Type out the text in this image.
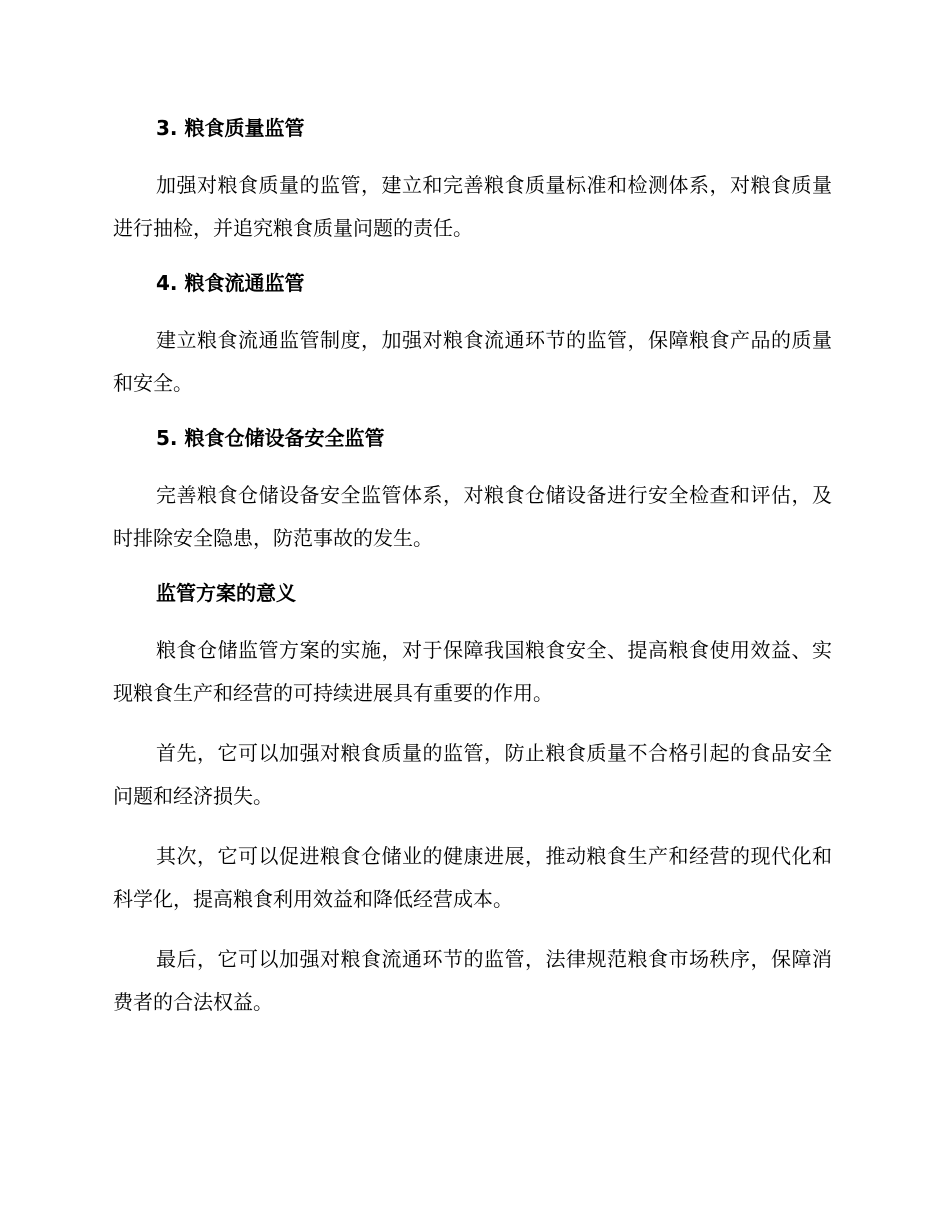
3. 粮食质量监管
加强对粮食质量的监管，建立和完善粮食质量标准和检测体系，对粮食质量进行抽检，并追究粮食质量问题的责任。
4. 粮食流通监管
建立粮食流通监管制度，加强对粮食流通环节的监管，保障粮食产品的质量和安全。
5. 粮食仓储设备安全监管
完善粮食仓储设备安全监管体系，对粮食仓储设备进行安全检查和评估，及时排除安全隐患，防范事故的发生。
监管方案的意义
粮食仓储监管方案的实施，对于保障我国粮食安全、提高粮食使用效益、实现粮食生产和经营的可持续进展具有重要的作用。
首先，它可以加强对粮食质量的监管，防止粮食质量不合格引起的食品安全问题和经济损失。
其次，它可以促进粮食仓储业的健康进展，推动粮食生产和经营的现代化和科学化，提高粮食利用效益和降低经营成本。
最后，它可以加强对粮食流通环节的监管，法律规范粮食市场秩序，保障消费者的合法权益。
